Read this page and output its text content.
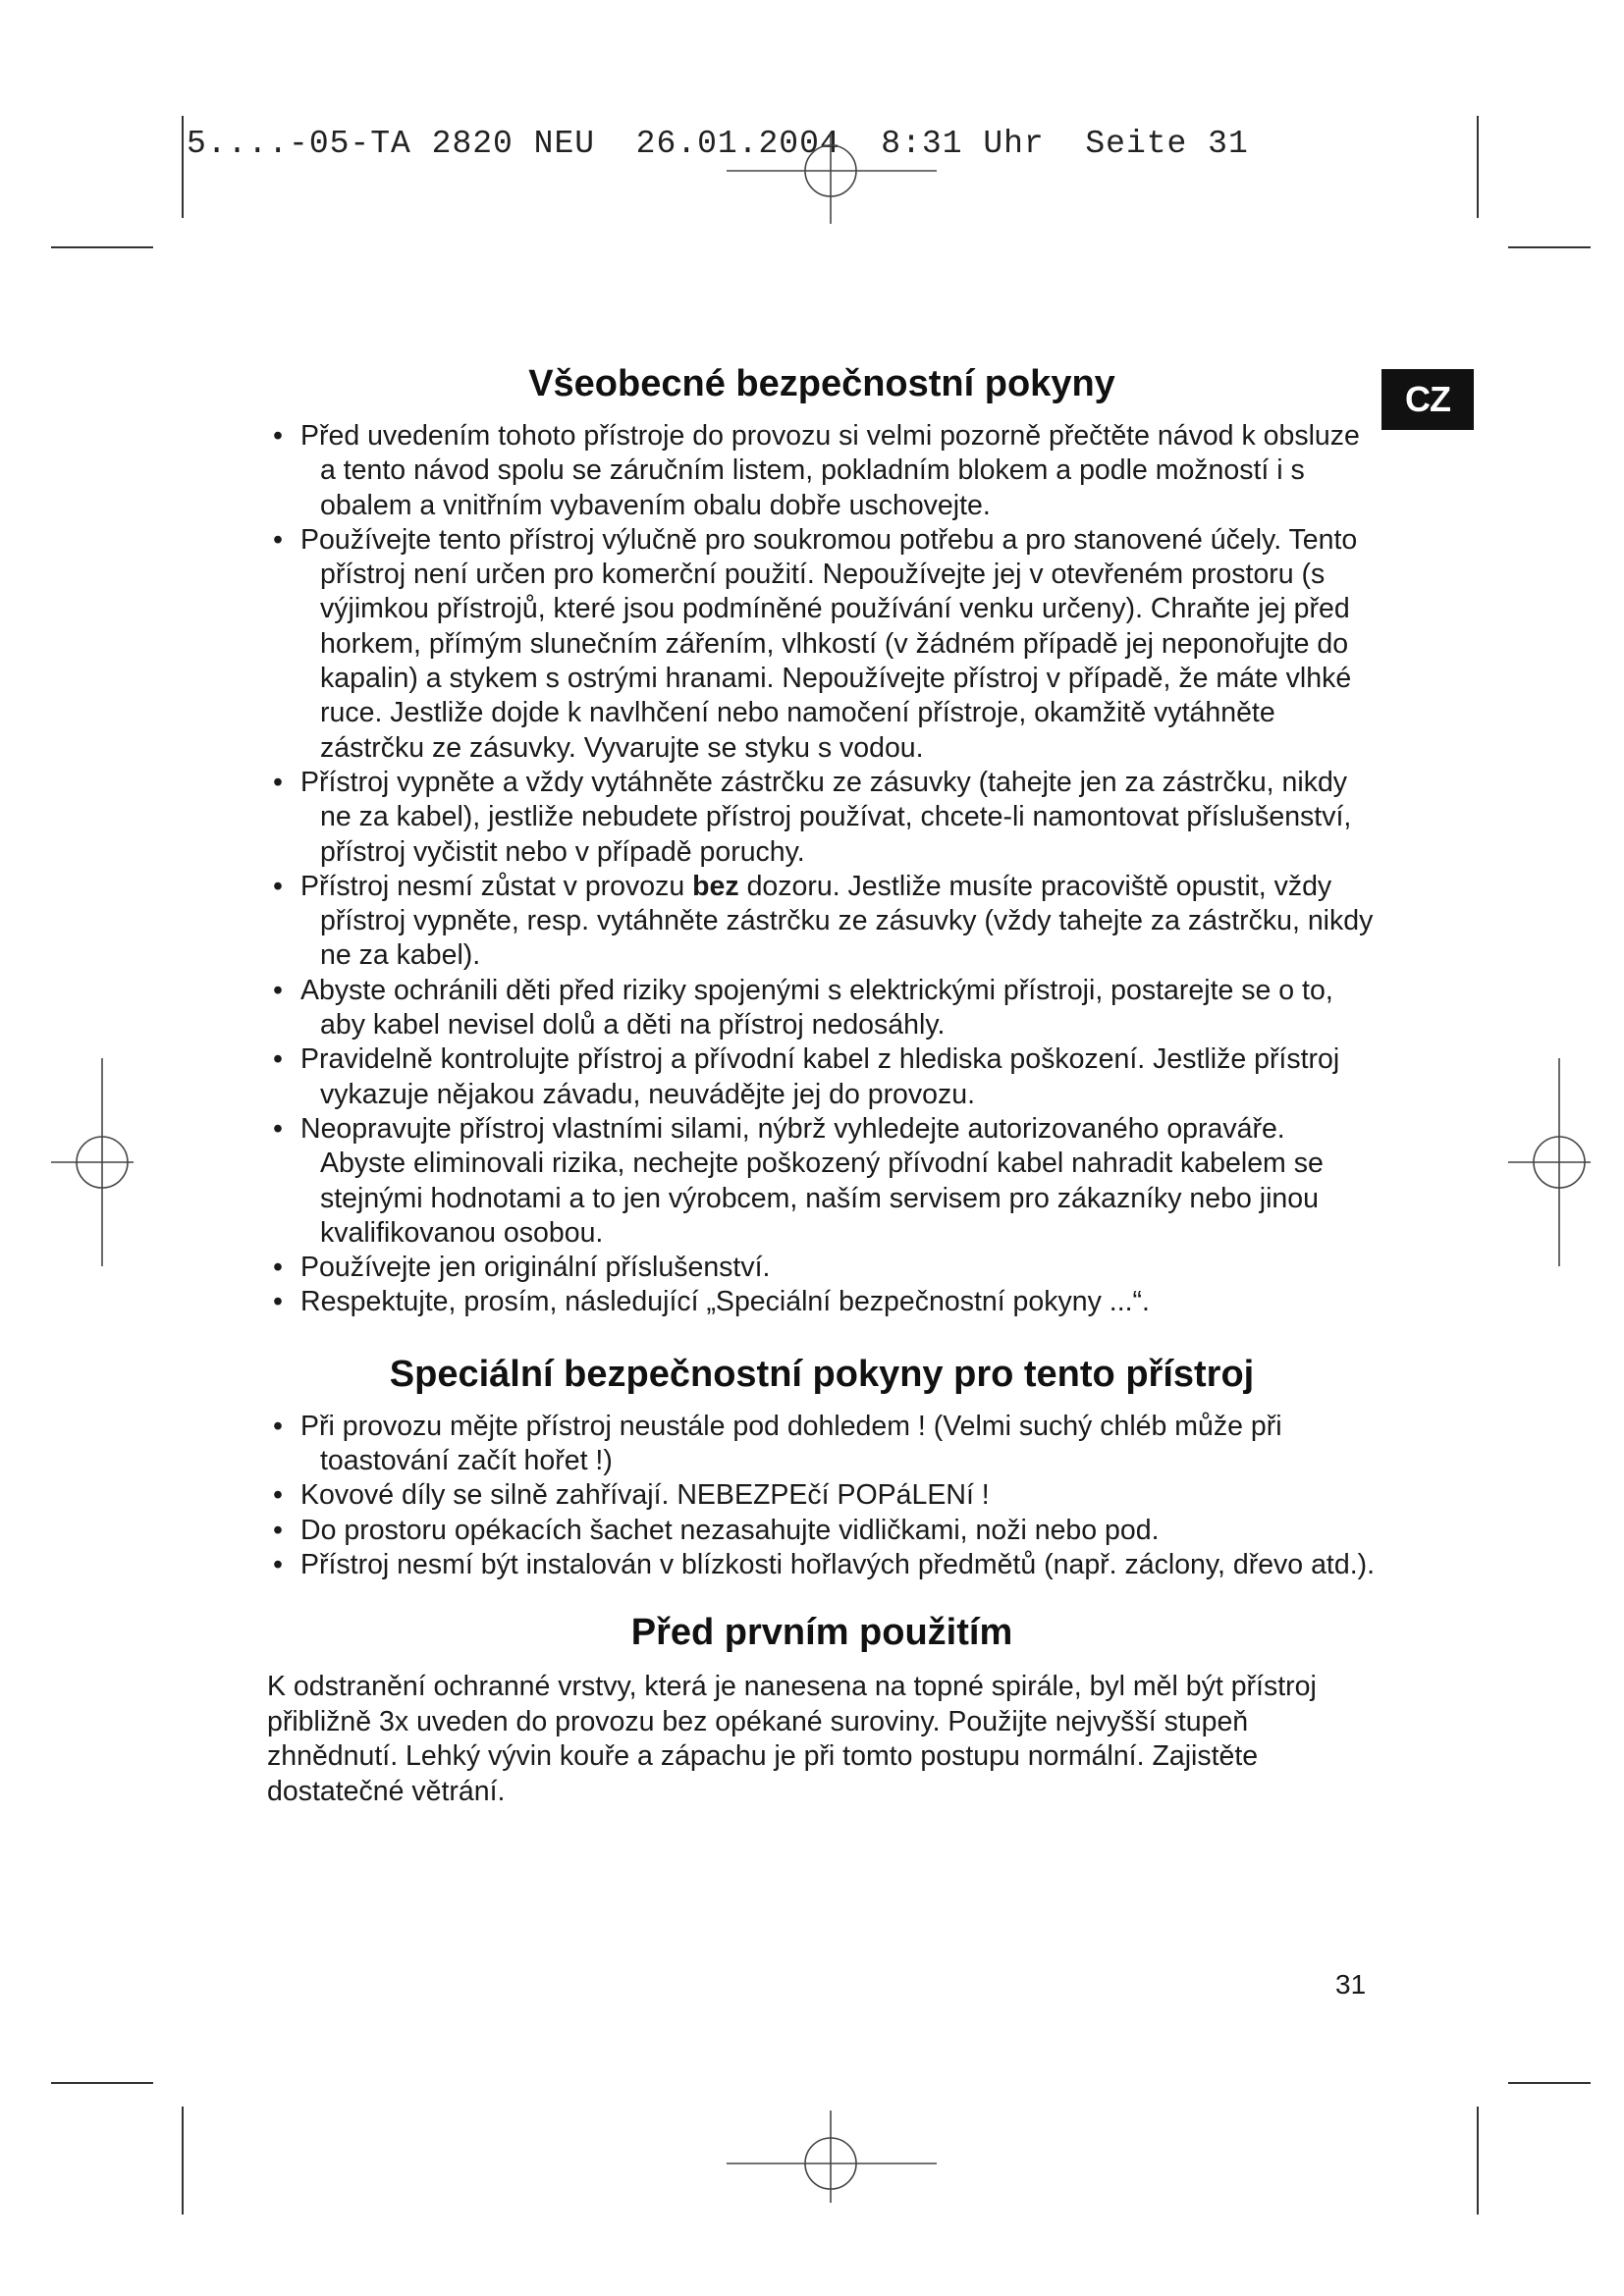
5....-05-TA 2820 NEU  26.01.2004  8:31 Uhr  Seite 31
CZ
Všeobecné bezpečnostní pokyny
• Před uvedením tohoto přístroje do provozu si velmi pozorně přečtěte návod k obsluze a tento návod spolu se záručním listem, pokladním blokem a podle možností i s obalem a vnitřním vybavením obalu dobře uschovejte.
• Používejte tento přístroj výlučně pro soukromou potřebu a pro stanovené účely. Tento přístroj není určen pro komerční použití. Nepoužívejte jej v otevřeném prostoru (s výjimkou přístrojů, které jsou podmíněné používání venku určeny). Chraňte jej před horkem, přímým slunečním zářením, vlhkostí (v žádném případě jej neponořujte do kapalin) a stykem s ostrými hranami. Nepoužívejte přístroj v případě, že máte vlhké ruce. Jestliže dojde k navlhčení nebo namočení přístroje, okamžitě vytáhněte zástrčku ze zásuvky. Vyvarujte se styku s vodou.
• Přístroj vypněte a vždy vytáhněte zástrčku ze zásuvky (tahejte jen za zástrčku, nikdy ne za kabel), jestliže nebudete přístroj používat, chcete-li namontovat příslušenství, přístroj vyčistit nebo v případě poruchy.
• Přístroj nesmí zůstat v provozu bez dozoru. Jestliže musíte pracoviště opustit, vždy přístroj vypněte, resp. vytáhněte zástrčku ze zásuvky (vždy tahejte za zástrčku, nikdy ne za kabel).
• Abyste ochránili děti před riziky spojenými s elektrickými přístroji, postarejte se o to, aby kabel nevisel dolů a děti na přístroj nedosáhly.
• Pravidelně kontrolujte přístroj a přívodní kabel z hlediska poškození. Jestliže přístroj vykazuje nějakou závadu, neuvádějte jej do provozu.
• Neopravujte přístroj vlastními silami, nýbrž vyhledejte autorizovaného opraváře. Abyste eliminovali rizika, nechejte poškozený přívodní kabel nahradit kabelem se stejnými hodnotami a to jen výrobcem, naším servisem pro zákazníky nebo jinou kvalifikovanou osobou.
• Používejte jen originální příslušenství.
• Respektujte, prosím, následující „Speciální bezpečnostní pokyny ...“.
Speciální bezpečnostní pokyny pro tento přístroj
• Při provozu mějte přístroj neustále pod dohledem ! (Velmi suchý chléb může při toastování začít hořet !)
• Kovové díly se silně zahřívají. NEBEZPEčí POPáLENí !
• Do prostoru opékacích šachet nezasahujte vidličkami, noži nebo pod.
• Přístroj nesmí být instalován v blízkosti hořlavých předmětů (např. záclony, dřevo atd.).
Před prvním použitím

K odstranění ochranné vrstvy, která je nanesena na topné spirále, byl měl být přístroj přibližně 3x uveden do provozu bez opékané suroviny. Použijte nejvyšší stupeň zhnědnutí. Lehký vývin kouře a zápachu je při tomto postupu normální. Zajistěte dostatečné větrání.

31
